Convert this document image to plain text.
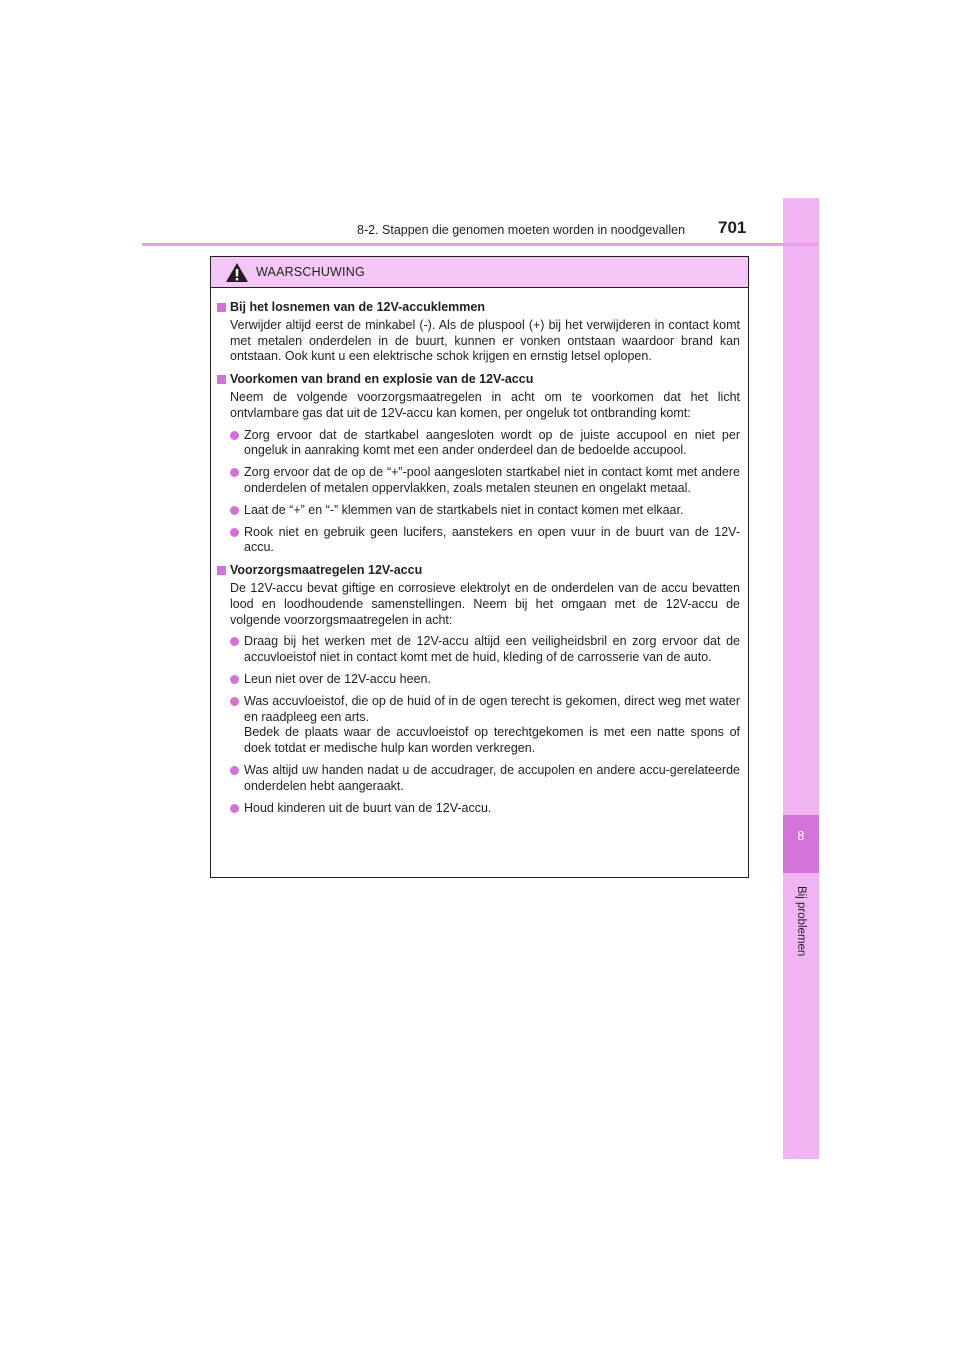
8
Bij problemen
8-2. Stappen die genomen moeten worden in noodgevallen 701
WAARSCHUWING
Bij het losnemen van de 12V-accuklemmen
Verwijder altijd eerst de minkabel (-). Als de pluspool (+) bij het verwijderen in contact komt met metalen onderdelen in de buurt, kunnen er vonken ontstaan waardoor brand kan ontstaan. Ook kunt u een elektrische schok krijgen en ernstig letsel oplopen.
Voorkomen van brand en explosie van de 12V-accu
Neem de volgende voorzorgsmaatregelen in acht om te voorkomen dat het licht ontvlambare gas dat uit de 12V-accu kan komen, per ongeluk tot ontbranding komt:
Zorg ervoor dat de startkabel aangesloten wordt op de juiste accupool en niet per ongeluk in aanraking komt met een ander onderdeel dan de bedoelde accupool.
Zorg ervoor dat de op de “+”-pool aangesloten startkabel niet in contact komt met andere onderdelen of metalen oppervlakken, zoals metalen steunen en ongelakt metaal.
Laat de “+” en “-” klemmen van de startkabels niet in contact komen met elkaar.
Rook niet en gebruik geen lucifers, aanstekers en open vuur in de buurt van de 12V-accu.
Voorzorgsmaatregelen 12V-accu
De 12V-accu bevat giftige en corrosieve elektrolyt en de onderdelen van de accu bevatten lood en loodhoudende samenstellingen. Neem bij het omgaan met de 12V-accu de volgende voorzorgsmaatregelen in acht:
Draag bij het werken met de 12V-accu altijd een veiligheidsbril en zorg ervoor dat de accuvloeistof niet in contact komt met de huid, kleding of de carrosserie van de auto.
Leun niet over de 12V-accu heen.
Was accuvloeistof, die op de huid of in de ogen terecht is gekomen, direct weg met water en raadpleeg een arts.
Bedek de plaats waar de accuvloeistof op terechtgekomen is met een natte spons of doek totdat er medische hulp kan worden verkregen.
Was altijd uw handen nadat u de accudrager, de accupolen en andere accu-gerelateerde onderdelen hebt aangeraakt.
Houd kinderen uit de buurt van de 12V-accu.
